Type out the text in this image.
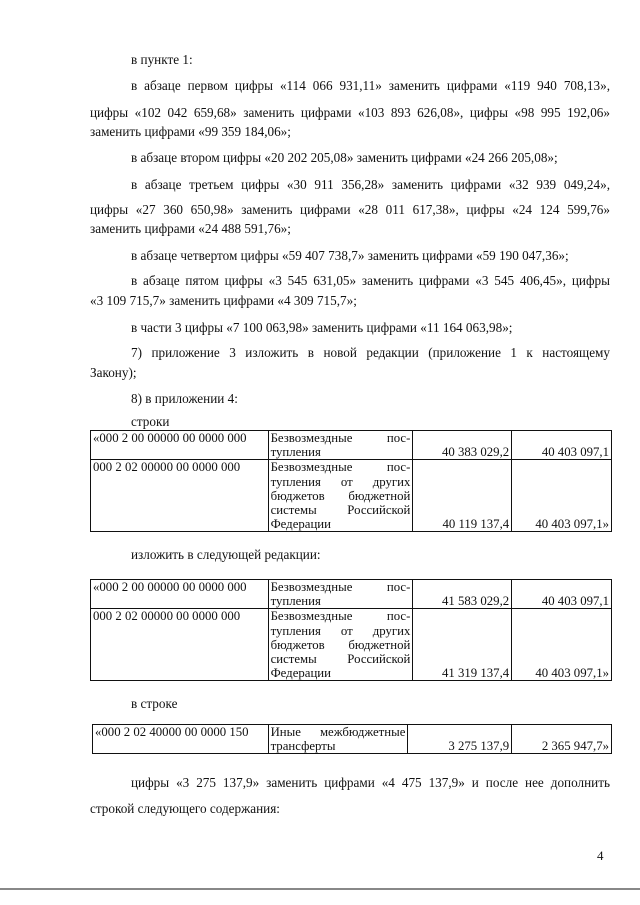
в пункте 1:
в абзаце первом цифры «114 066 931,11» заменить цифрами «119 940 708,13»,
цифры «102 042 659,68» заменить цифрами «103 893 626,08», цифры «98 995 192,06»
заменить цифрами «99 359 184,06»;
в абзаце втором цифры «20 202 205,08» заменить цифрами «24 266 205,08»;
в абзаце третьем цифры «30 911 356,28» заменить цифрами «32 939 049,24»,
цифры «27 360 650,98» заменить цифрами «28 011 617,38», цифры «24 124 599,76»
заменить цифрами «24 488 591,76»;
в абзаце четвертом цифры «59 407 738,7» заменить цифрами «59 190 047,36»;
в абзаце пятом цифры «3 545 631,05» заменить цифрами «3 545 406,45», цифры
«3 109 715,7» заменить цифрами «4 309 715,7»;
в части 3 цифры «7 100 063,98» заменить цифрами «11 164 063,98»;
7) приложение 3 изложить в новой редакции (приложение 1 к настоящему
Закону);
8) в приложении 4:
строки
«000 2 00 00000 00 0000 000	Безвозмездные пос-
тупления	40 383 029,2	40 403 097,1
000 2 02 00000 00 0000 000	Безвозмездные пос-
тупления от других
бюджетов бюджетной
системы Российской
Федерации	40 119 137,4	40 403 097,1»
изложить в следующей редакции:
«000 2 00 00000 00 0000 000	Безвозмездные пос-
тупления	41 583 029,2	40 403 097,1
000 2 02 00000 00 0000 000	Безвозмездные пос-
тупления от других
бюджетов бюджетной
системы Российской
Федерации	41 319 137,4	40 403 097,1»
в строке
«000 2 02 40000 00 0000 150	Иные межбюджетные
трансферты	3 275 137,9	2 365 947,7»
цифры «3 275 137,9» заменить цифрами «4 475 137,9» и после нее дополнить
строкой следующего содержания:
4
